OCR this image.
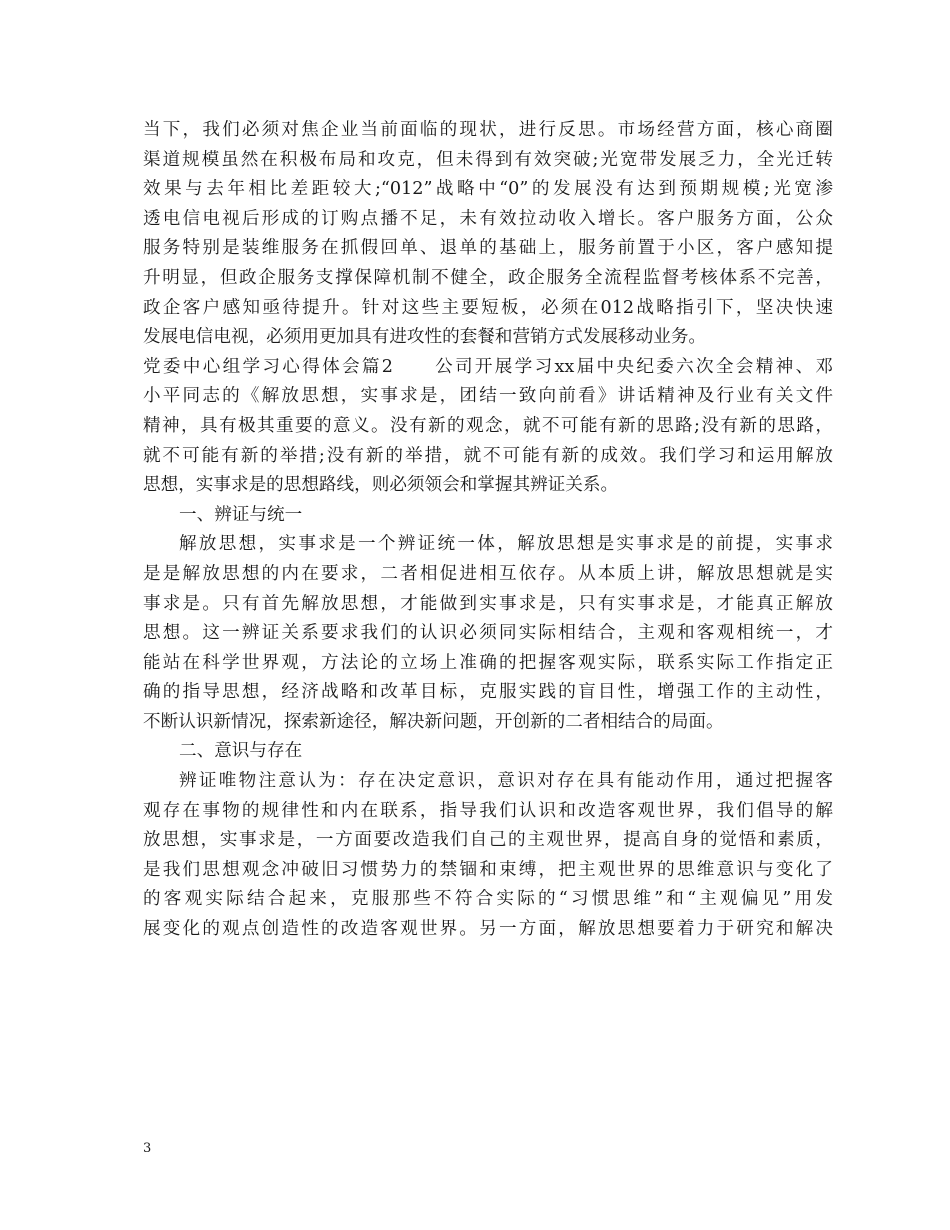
当下，我们必须对焦企业当前面临的现状，进行反思。市场经营方面，核心商圈
渠道规模虽然在积极布局和攻克，但未得到有效突破;光宽带发展乏力，全光迁转
效果与去年相比差距较大;“012”战略中“0”的发展没有达到预期规模;光宽渗
透电信电视后形成的订购点播不足，未有效拉动收入增长。客户服务方面，公众
服务特别是装维服务在抓假回单、退单的基础上，服务前置于小区，客户感知提
升明显，但政企服务支撑保障机制不健全，政企服务全流程监督考核体系不完善，
政企客户感知亟待提升。针对这些主要短板，必须在012战略指引下，坚决快速
发展电信电视，必须用更加具有进攻性的套餐和营销方式发展移动业务。
党委中心组学习心得体会篇2　　公司开展学习xx届中央纪委六次全会精神、邓
小平同志的《解放思想，实事求是，团结一致向前看》讲话精神及行业有关文件
精神，具有极其重要的意义。没有新的观念，就不可能有新的思路;没有新的思路，
就不可能有新的举措;没有新的举措，就不可能有新的成效。我们学习和运用解放
思想，实事求是的思想路线，则必须领会和掌握其辨证关系。
一、辨证与统一
解放思想，实事求是一个辨证统一体，解放思想是实事求是的前提，实事求
是是解放思想的内在要求，二者相促进相互依存。从本质上讲，解放思想就是实
事求是。只有首先解放思想，才能做到实事求是，只有实事求是，才能真正解放
思想。这一辨证关系要求我们的认识必须同实际相结合，主观和客观相统一，才
能站在科学世界观，方法论的立场上准确的把握客观实际，联系实际工作指定正
确的指导思想，经济战略和改革目标，克服实践的盲目性，增强工作的主动性，
不断认识新情况，探索新途径，解决新问题，开创新的二者相结合的局面。
二、意识与存在
辨证唯物注意认为：存在决定意识，意识对存在具有能动作用，通过把握客
观存在事物的规律性和内在联系，指导我们认识和改造客观世界，我们倡导的解
放思想，实事求是，一方面要改造我们自己的主观世界，提高自身的觉悟和素质，
是我们思想观念冲破旧习惯势力的禁锢和束缚，把主观世界的思维意识与变化了
的客观实际结合起来，克服那些不符合实际的“习惯思维”和“主观偏见”用发
展变化的观点创造性的改造客观世界。另一方面，解放思想要着力于研究和解决
3
